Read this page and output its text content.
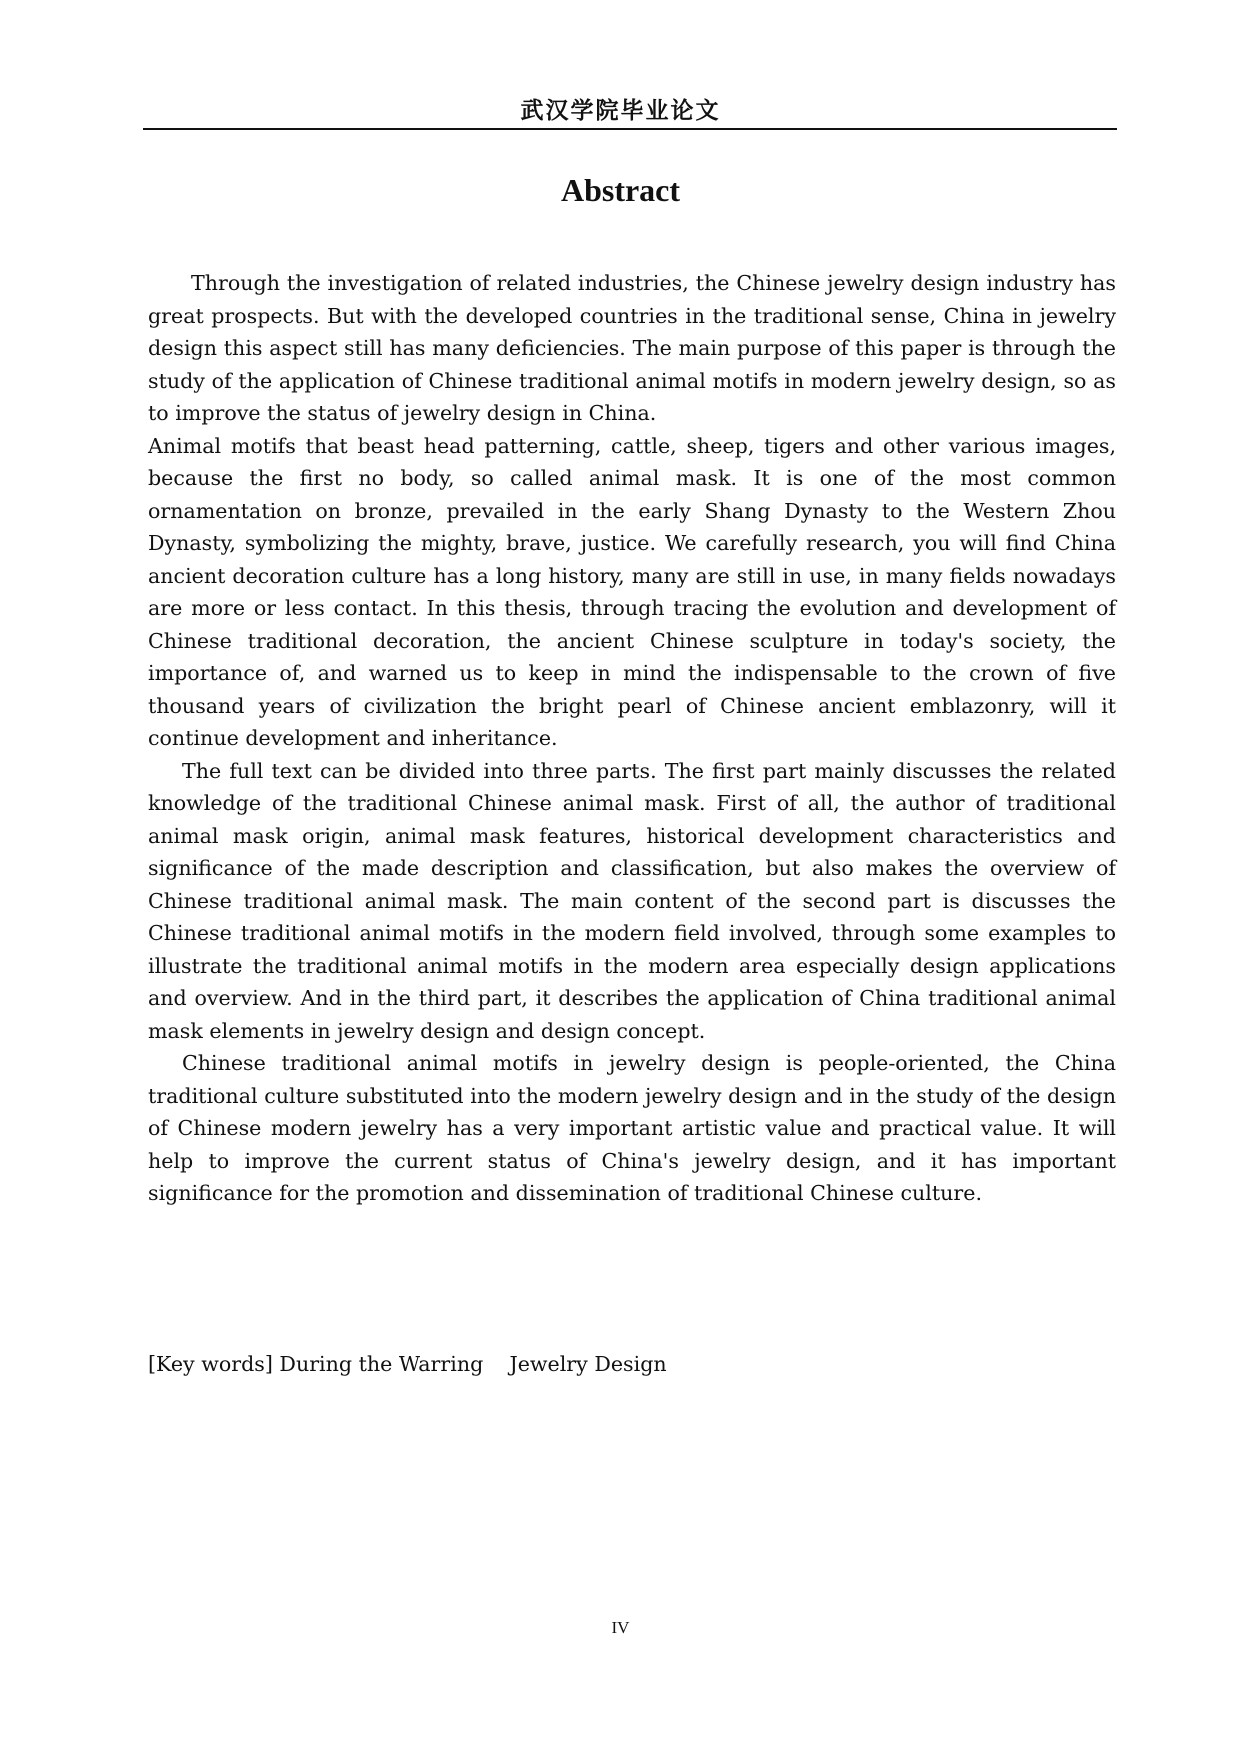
武汉学院毕业论文
Abstract

Through the investigation of related industries, the Chinese jewelry design industry has great prospects. But with the developed countries in the traditional sense, China in jewelry design this aspect still has many deficiencies. The main purpose of this paper is through the study of the application of Chinese traditional animal motifs in modern jewelry design, so as to improve the status of jewelry design in China.

Animal motifs that beast head patterning, cattle, sheep, tigers and other various images, because the first no body, so called animal mask. It is one of the most common ornamentation on bronze, prevailed in the early Shang Dynasty to the Western Zhou Dynasty, symbolizing the mighty, brave, justice. We carefully research, you will find China ancient decoration culture has a long history, many are still in use, in many fields nowadays are more or less contact. In this thesis, through tracing the evolution and development of Chinese traditional decoration, the ancient Chinese sculpture in today's society, the importance of, and warned us to keep in mind the indispensable to the crown of five thousand years of civilization the bright pearl of Chinese ancient emblazonry, will it continue development and inheritance.

The full text can be divided into three parts. The first part mainly discusses the related knowledge of the traditional Chinese animal mask. First of all, the author of traditional animal mask origin, animal mask features, historical development characteristics and significance of the made description and classification, but also makes the overview of Chinese traditional animal mask. The main content of the second part is discusses the Chinese traditional animal motifs in the modern field involved, through some examples to illustrate the traditional animal motifs in the modern area especially design applications and overview. And in the third part, it describes the application of China traditional animal mask elements in jewelry design and design concept.

Chinese traditional animal motifs in jewelry design is people-oriented, the China traditional culture substituted into the modern jewelry design and in the study of the design of Chinese modern jewelry has a very important artistic value and practical value. It will help to improve the current status of China's jewelry design, and it has important significance for the promotion and dissemination of traditional Chinese culture.

[Key words] During the Warring    Jewelry Design
IV
